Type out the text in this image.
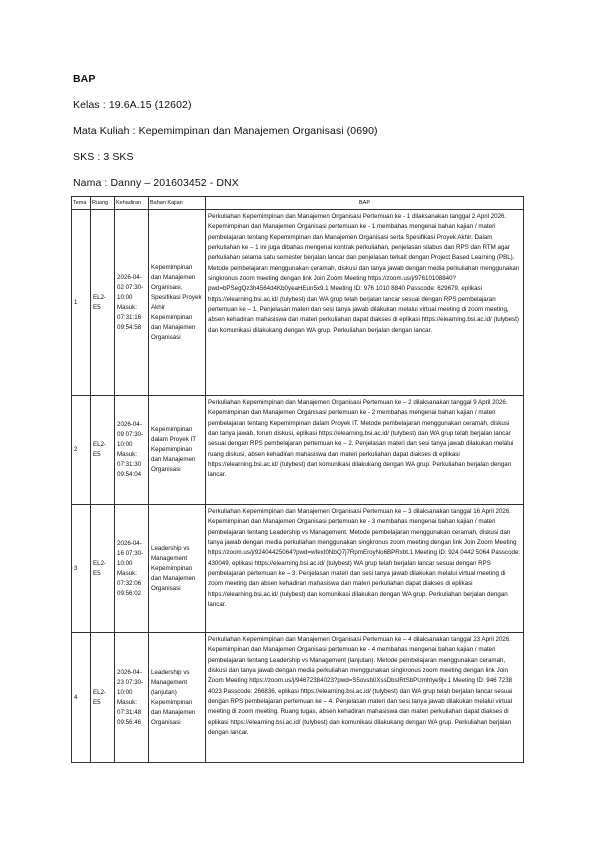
BAP
Kelas : 19.6A.15 (12602)
Mata Kuliah : Kepemimpinan dan Manajemen Organisasi (0690)
SKS : 3 SKS
Nama : Danny – 201603452 - DNX
Tema	Ruang	Kehadiran	Bahan Kajian	BAP
1	EL2-E5	2026-04-02 07:30-10:00 Masuk: 07:31:16 09:54:58	Kepemimpinan dan Manajemen Organisasi, Spesifikasi Proyek Akhir Kepemimpinan dan Manajemen Organisasi	Perkuliahan Kepemimpinan dan Manajemen Organisasi Pertemuan ke - 1 dilaksanakan tanggal 2 April 2026. Kepemimpinan dan Manajemen Organisasi pertemuan ke - 1 membahas mengenai bahan kajian / materi pembelajaran tentang Kepemimpinan dan Manajemen Organisasi serta Spesifikasi Proyek Akhir. Dalam perkuliahan ke – 1 ini juga dibahas mengenai kontrak perkuliahan, penjelasan silabus dan RPS dan RTM agar perkuliahan selama satu semester berjalan lancar dan penjelasan terkait dengan Project Based Learning (PBL). Metode pembelajaran menggunakan ceramah, diskusi dan tanya jawab dengan media perkuliahan menggunakan singkronus zoom meeting dengan link Join Zoom Meeting https://zoom.us/j/97610108840?pwd=bPSegQz3h4564d4Kb0yeaHEun5x9.1 Meeting ID: 976 1010 8840 Passcode: 629679, eplikasi https://elearning.bsi.ac.id/ (tulybest) dan WA grup telah berjalan lancar sesuai dengan RPS pembelajaran pertemuan ke – 1. Penjelasan materi dan sesi tanya jawab dilakukan melalui virtual meeting di zoom meeting, absen kehadiran mahasiswa dan materi perkuliahan dapat diakses di eplikasi https://elearning.bsi.ac.id/ (tulybest) dan komunikasi dilakukang dengan WA grup. Perkuliahan berjalan dengan lancar.
2	EL2-E5	2026-04-09 07:30-10:00 Masuk: 07:31:30 09:54:04	Kepemimpinan dalam Proyek IT Kepemimpinan dan Manajemen Organisasi	Perkuliahan Kepemimpinan dan Manajemen Organisasi Pertemuan ke – 2 dilaksanakan tanggal 9 April 2026. Kepemimpinan dan Manajemen Organisasi pertemuan ke - 2 membahas mengenai bahan kajian / materi pembelajaran tentang Kepemimpinan dalam Proyek IT. Metode pembelajaran menggunakan ceramah, diskusi dan tanya jawab, forum diskusi, eplikasi https://elearning.bsi.ac.id/ (tulybest) dan WA grup telah berjalan lancar sesuai dengan RPS pembelajaran pertemuan ke – 2. Penjelasan materi dan sesi tanya jawab dilakukan melalui ruang diskusi, absen kehadiran mahasiswa dan materi perkuliahan dapat diakses di eplikasi https://elearning.bsi.ac.id/ (tulybest) dan komunikasi dilakukang dengan WA grup. Perkuliahan berjalan dengan lancar.
3	EL2-E5	2026-04-16 07:30-10:00 Masuk: 07:32:06 09:56:02	Leadership vs Management Kepemimpinan dan Manajemen Organisasi	Perkuliahan Kepemimpinan dan Manajemen Organisasi Pertemuan ke – 3 dilaksanakan tanggal 16 April 2026. Kepemimpinan dan Manajemen Organisasi pertemuan ke - 3 membahas mengenai bahan kajian / materi pembelajaran tentang Leadership vs Management. Metode pembelajaran menggunakan ceramah, diskusi dan tanya jawab dengan media perkuliahan menggunakan singkronus zoom meeting dengan link Join Zoom Meeting https://zoom.us/j/92404425064?pwd=wfexI0NbQ7j7RpmEroyNo6BPRxbt.1 Meeting ID: 924 0442 5064 Passcode: 430049, eplikasi https://elearning.bsi.ac.id/ (tulybest) WA grup telah berjalan lancar sesuai dengan RPS pembelajaran pertemuan ke – 3. Penjelasan materi dan sesi tanya jawab dilakukan melalui virtual meeting di zoom meeting dan absen kehadiran mahasiswa dan materi perkuliahan dapat diakses di eplikasi https://elearning.bsi.ac.id/ (tulybest) dan komunikasi dilakukan dengan WA grup. Perkuliahan berjalan dengan lancar.
4	EL2-E5	2026-04-23 07:30-10:00 Masuk: 07:31:48 09:56:46	Leadership vs Management (lanjutan) Kepemimpinan dan Manajemen Organisasi	Perkuliahan Kepemimpinan dan Manajemen Organisasi Pertemuan ke – 4 dilaksanakan tanggal 23 April 2026. Kepemimpinan dan Manajemen Organisasi pertemuan ke - 4 membahas mengenai bahan kajian / materi pembelajaran tentang Leadership vs Management (lanjutan). Metode pembelajaran menggunakan ceramah, diskusi dan tanya jawab dengan media perkuliahan menggunakan singkronus zoom meeting dengan link Join Zoom Meeting https://zoom.us/j/94672384023?pwd=S5ovsb0XssDbsIRtSbPUmhtye9jv.1 Meeting ID: 946 7238 4023 Passcode: 266836, eplikasi https://elearning.bsi.ac.id/ (tulybest) dan WA grup telah berjalan lancar sesuai dengan RPS pembelajaran pertemuan ke – 4. Penjelasan materi dan sesi tanya jawab dilakukan melalui virtual meeting di zoom meeting. Ruang tugas, absen kehadiran mahasiswa dan materi perkuliahan dapat diakses di eplikasi https://elearning.bsi.ac.id/ (tulybest) dan komunikasi dilakukang dengan WA grup. Perkuliahan berjalan dengan lancar.
